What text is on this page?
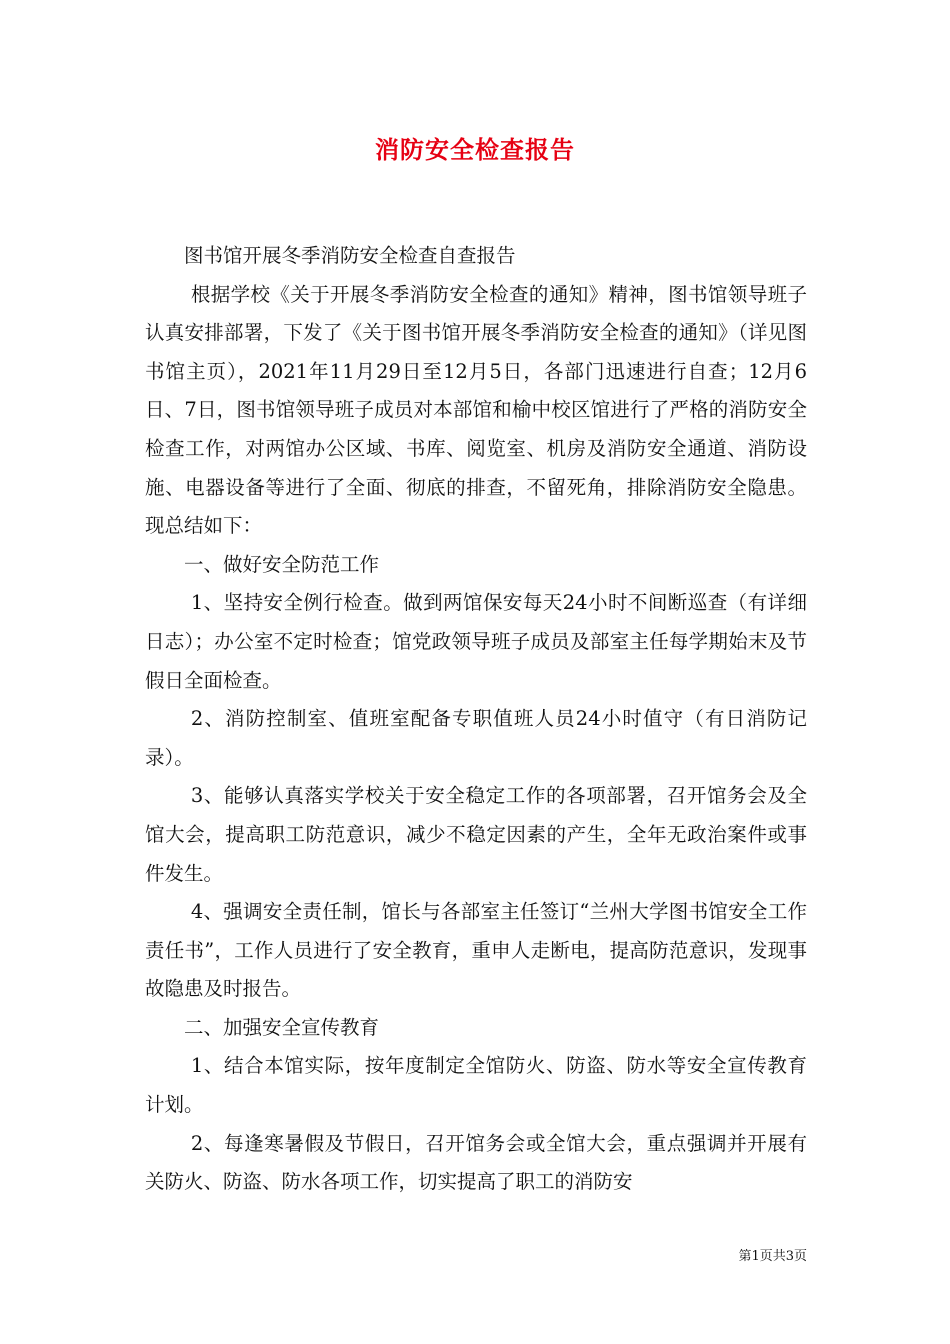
消防安全检查报告

图书馆开展冬季消防安全检查自查报告

根据学校《关于开展冬季消防安全检查的通知》精神，图书馆领导班子认真安排部署，下发了《关于图书馆开展冬季消防安全检查的通知》（详见图书馆主页），2021年11月29日至12月5日，各部门迅速进行自查；12月6日、7日，图书馆领导班子成员对本部馆和榆中校区馆进行了严格的消防安全检查工作，对两馆办公区域、书库、阅览室、机房及消防安全通道、消防设施、电器设备等进行了全面、彻底的排查，不留死角，排除消防安全隐患。现总结如下：

一、做好安全防范工作

1、坚持安全例行检查。做到两馆保安每天24小时不间断巡查（有详细日志）；办公室不定时检查；馆党政领导班子成员及部室主任每学期始末及节假日全面检查。

2、消防控制室、值班室配备专职值班人员24小时值守（有日消防记录）。

3、能够认真落实学校关于安全稳定工作的各项部署，召开馆务会及全馆大会，提高职工防范意识，减少不稳定因素的产生，全年无政治案件或事件发生。

4、强调安全责任制，馆长与各部室主任签订“兰州大学图书馆安全工作责任书”，工作人员进行了安全教育，重申人走断电，提高防范意识，发现事故隐患及时报告。

二、加强安全宣传教育

1、结合本馆实际，按年度制定全馆防火、防盗、防水等安全宣传教育计划。

2、每逢寒暑假及节假日，召开馆务会或全馆大会，重点强调并开展有关防火、防盗、防水各项工作，切实提高了职工的消防安

第1页共3页
